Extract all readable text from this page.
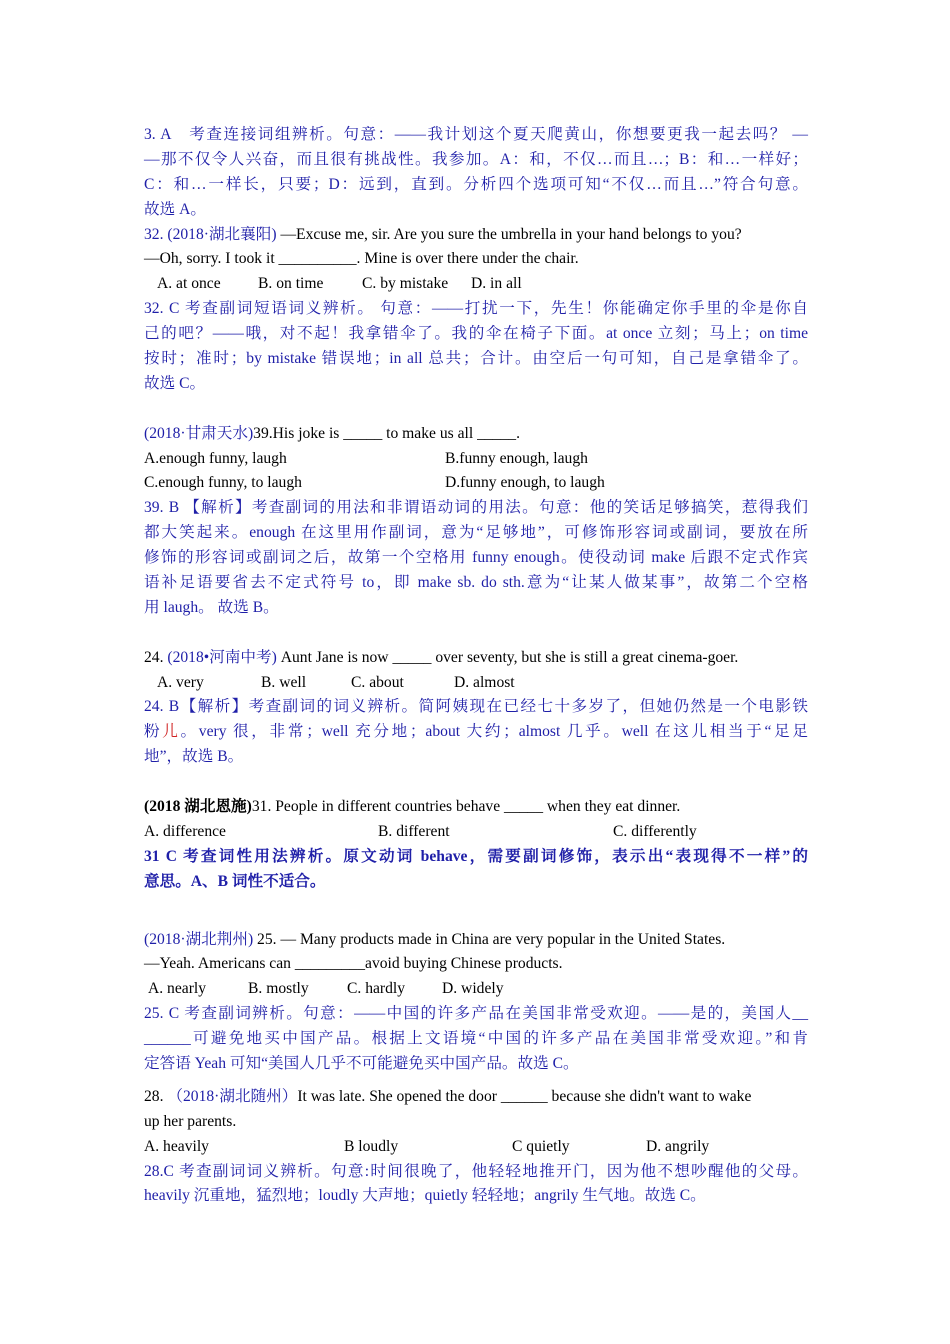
3. A　考查连接词组辨析。句意：——我计划这个夏天爬黄山，你想要更我一起去吗？ —
—那不仅令人兴奋，而且很有挑战性。我参加。A：和，不仅…而且…；B：和…一样好；
C：和…一样长，只要；D：远到，直到。分析四个选项可知“不仅…而且…”符合句意。
故选 A。
32. (2018·湖北襄阳) —Excuse me, sir. Are you sure the umbrella in your hand belongs to you?
—Oh, sorry. I took it __________. Mine is over there under the chair.
A. at once B. on time C. by mistake D. in all
32. C 考查副词短语词义辨析。 句意：——打扰一下，先生！你能确定你手里的伞是你自
己的吧？——哦，对不起！我拿错伞了。我的伞在椅子下面。at once 立刻；马上；on time
按时；准时；by mistake 错误地；in all 总共；合计。由空后一句可知，自己是拿错伞了。
故选 C。
(2018·甘肃天水)39.His joke is _____ to make us all _____.
A.enough funny, laugh	B.funny enough, laugh
C.enough funny, to laugh	D.funny enough, to laugh
39. B 【解析】考查副词的用法和非谓语动词的用法。句意：他的笑话足够搞笑，惹得我们
都大笑起来。enough 在这里用作副词，意为“足够地”，可修饰形容词或副词，要放在所
修饰的形容词或副词之后，故第一个空格用 funny enough。使役动词 make 后跟不定式作宾
语补足语要省去不定式符号 to，即 make sb. do sth.意为“让某人做某事”，故第二个空格
用 laugh。 故选 B。
24. (2018•河南中考) Aunt Jane is now _____ over seventy, but she is still a great cinema-goer.
A. very	B. well	C. about	D. almost
24. B【解析】考查副词的词义辨析。简阿姨现在已经七十多岁了，但她仍然是一个电影铁
粉儿。very 很，非常；well 充分地；about 大约；almost 几乎。well 在这儿相当于“足足
地”，故选 B。
(2018 湖北恩施)31. People in different countries behave _____ when they eat dinner.
A. difference	B. different	C. differently
31 C 考查词性用法辨析。原文动词 behave，需要副词修饰，表示出“表现得不一样”的
意思。A、B 词性不适合。
(2018·湖北荆州) 25. — Many products made in China are very popular in the United States.
—Yeah. Americans can _________avoid buying Chinese products.
A. nearly	B. mostly C. hardly D. widely
25. C 考查副词辨析。句意：——中国的许多产品在美国非常受欢迎。——是的，美国人__
______可避免地买中国产品。根据上文语境“中国的许多产品在美国非常受欢迎。”和肯
定答语 Yeah 可知“美国人几乎不可能避免买中国产品。故选 C。
28. （2018·湖北随州）It was late. She opened the door ______ because she didn't want to wake
up her parents.
A. heavily	B loudly	C quietly	D. angrily
28.C 考查副词词义辨析。句意:时间很晚了，他轻轻地推开门，因为他不想吵醒他的父母。
heavily 沉重地，猛烈地；loudly 大声地；quietly 轻轻地；angrily 生气地。故选 C。
